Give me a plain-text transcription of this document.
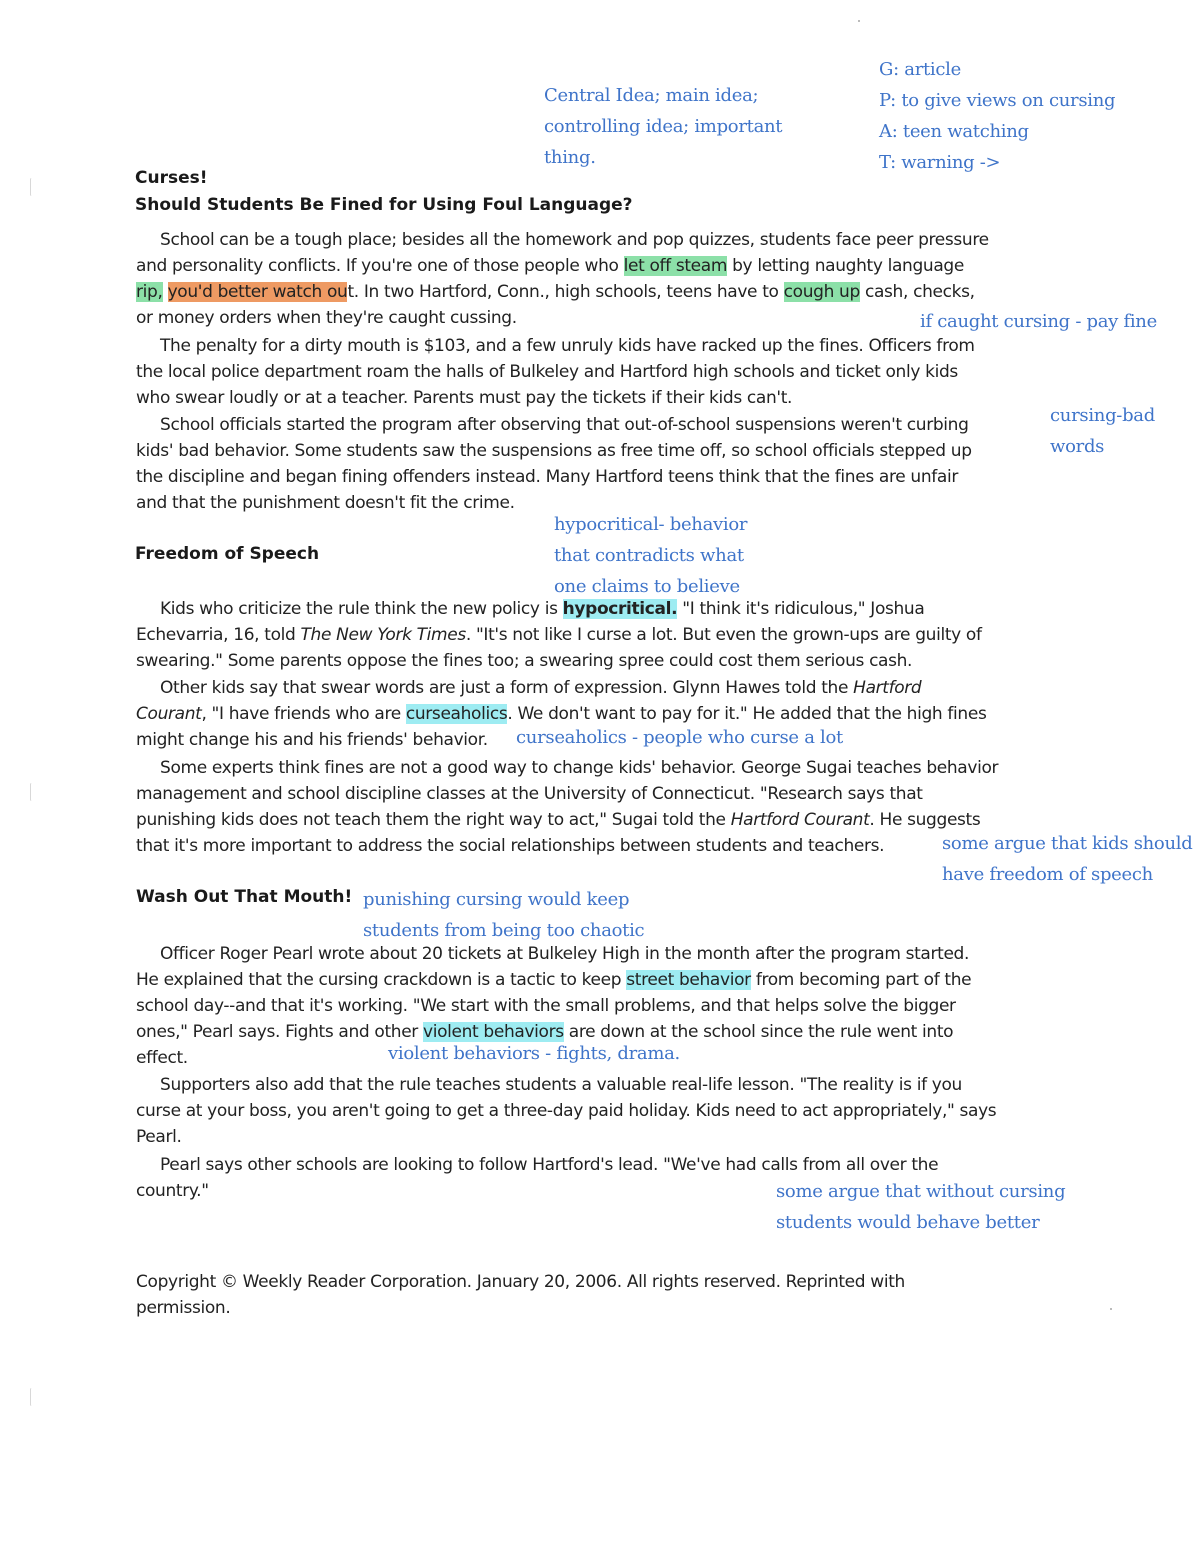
Central Idea; main idea;
controlling idea; important
thing.
G: article
P: to give views on cursing
A: teen watching
T: warning ->
if caught cursing - pay fine
cursing-bad
words
hypocritical- behavior
that contradicts what
one claims to believe
curseaholics - people who curse a lot
some argue that kids should
have freedom of speech
punishing cursing would keep
students from being too chaotic
violent behaviors - fights, drama.
some argue that without cursing
students would behave better
Curses!
Should Students Be Fined for Using Foul Language?
School can be a tough place; besides all the homework and pop quizzes, students face peer pressure
and personality conflicts. If you're one of those people who let off steam by letting naughty language
rip, you'd better watch out. In two Hartford, Conn., high schools, teens have to cough up cash, checks,
or money orders when they're caught cussing.
The penalty for a dirty mouth is $103, and a few unruly kids have racked up the fines. Officers from
the local police department roam the halls of Bulkeley and Hartford high schools and ticket only kids
who swear loudly or at a teacher. Parents must pay the tickets if their kids can't.
School officials started the program after observing that out-of-school suspensions weren't curbing
kids' bad behavior. Some students saw the suspensions as free time off, so school officials stepped up
the discipline and began fining offenders instead. Many Hartford teens think that the fines are unfair
and that the punishment doesn't fit the crime.
Freedom of Speech
Kids who criticize the rule think the new policy is hypocritical. "I think it's ridiculous," Joshua
Echevarria, 16, told The New York Times. "It's not like I curse a lot. But even the grown-ups are guilty of
swearing." Some parents oppose the fines too; a swearing spree could cost them serious cash.
Other kids say that swear words are just a form of expression. Glynn Hawes told the Hartford
Courant, "I have friends who are curseaholics. We don't want to pay for it." He added that the high fines
might change his and his friends' behavior.
Some experts think fines are not a good way to change kids' behavior. George Sugai teaches behavior
management and school discipline classes at the University of Connecticut. "Research says that
punishing kids does not teach them the right way to act," Sugai told the Hartford Courant. He suggests
that it's more important to address the social relationships between students and teachers.
Wash Out That Mouth!
Officer Roger Pearl wrote about 20 tickets at Bulkeley High in the month after the program started.
He explained that the cursing crackdown is a tactic to keep street behavior from becoming part of the
school day--and that it's working. "We start with the small problems, and that helps solve the bigger
ones," Pearl says. Fights and other violent behaviors are down at the school since the rule went into
effect.
Supporters also add that the rule teaches students a valuable real-life lesson. "The reality is if you
curse at your boss, you aren't going to get a three-day paid holiday. Kids need to act appropriately," says
Pearl.
Pearl says other schools are looking to follow Hartford's lead. "We've had calls from all over the
country."
Copyright © Weekly Reader Corporation. January 20, 2006. All rights reserved. Reprinted with
permission.
